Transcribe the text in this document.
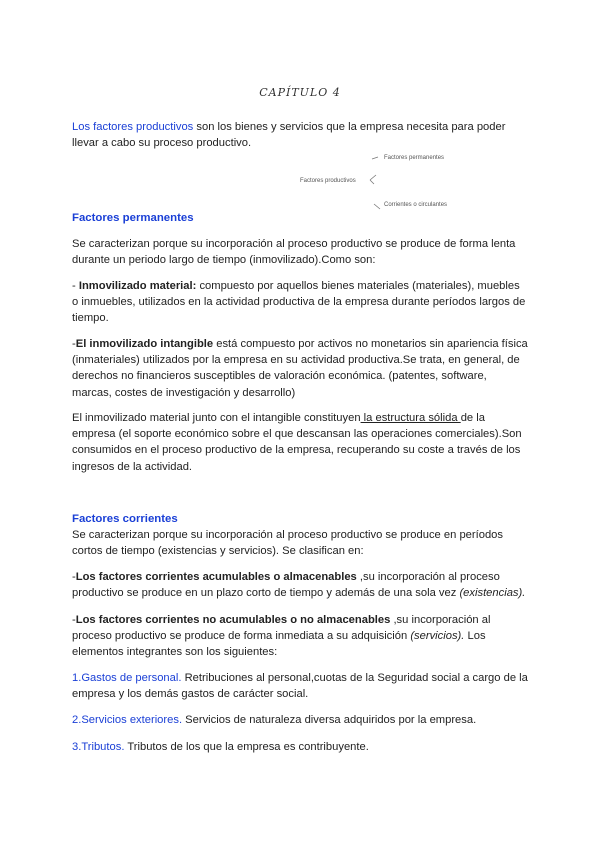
CAPÍTULO 4

Los factores productivos son los bienes y servicios que la empresa necesita para poder llevar a cabo su proceso productivo.

Factores permanentes
Factores productivos
Corrientes o circulantes

Factores permanentes

Se caracterizan porque su incorporación al proceso productivo se produce de forma lenta durante un periodo largo de tiempo (inmovilizado).Como son:

- Inmovilizado material: compuesto por aquellos bienes materiales (materiales), muebles o inmuebles, utilizados en la actividad productiva de la empresa durante períodos largos de tiempo.

-El inmovilizado intangible está compuesto por activos no monetarios sin apariencia física (inmateriales) utilizados por la empresa en su actividad productiva.Se trata, en general, de derechos no financieros susceptibles de valoración económica. (patentes, software, marcas, costes de investigación y desarrollo)

El inmovilizado material junto con el intangible constituyen la estructura sólida de la empresa (el soporte económico sobre el que descansan las operaciones comerciales).Son consumidos en el proceso productivo de la empresa, recuperando su coste a través de los ingresos de la actividad.

Factores corrientes

Se caracterizan porque su incorporación al proceso productivo se produce en períodos cortos de tiempo (existencias y servicios). Se clasifican en:

-Los factores corrientes acumulables o almacenables ,su incorporación al proceso productivo se produce en un plazo corto de tiempo y además de una sola vez (existencias).

-Los factores corrientes no acumulables o no almacenables ,su incorporación al proceso productivo se produce de forma inmediata a su adquisición (servicios). Los elementos integrantes son los siguientes:

1.Gastos de personal. Retribuciones al personal,cuotas de la Seguridad social a cargo de la empresa y los demás gastos de carácter social.

2.Servicios exteriores. Servicios de naturaleza diversa adquiridos por la empresa.

3.Tributos. Tributos de los que la empresa es contribuyente.
